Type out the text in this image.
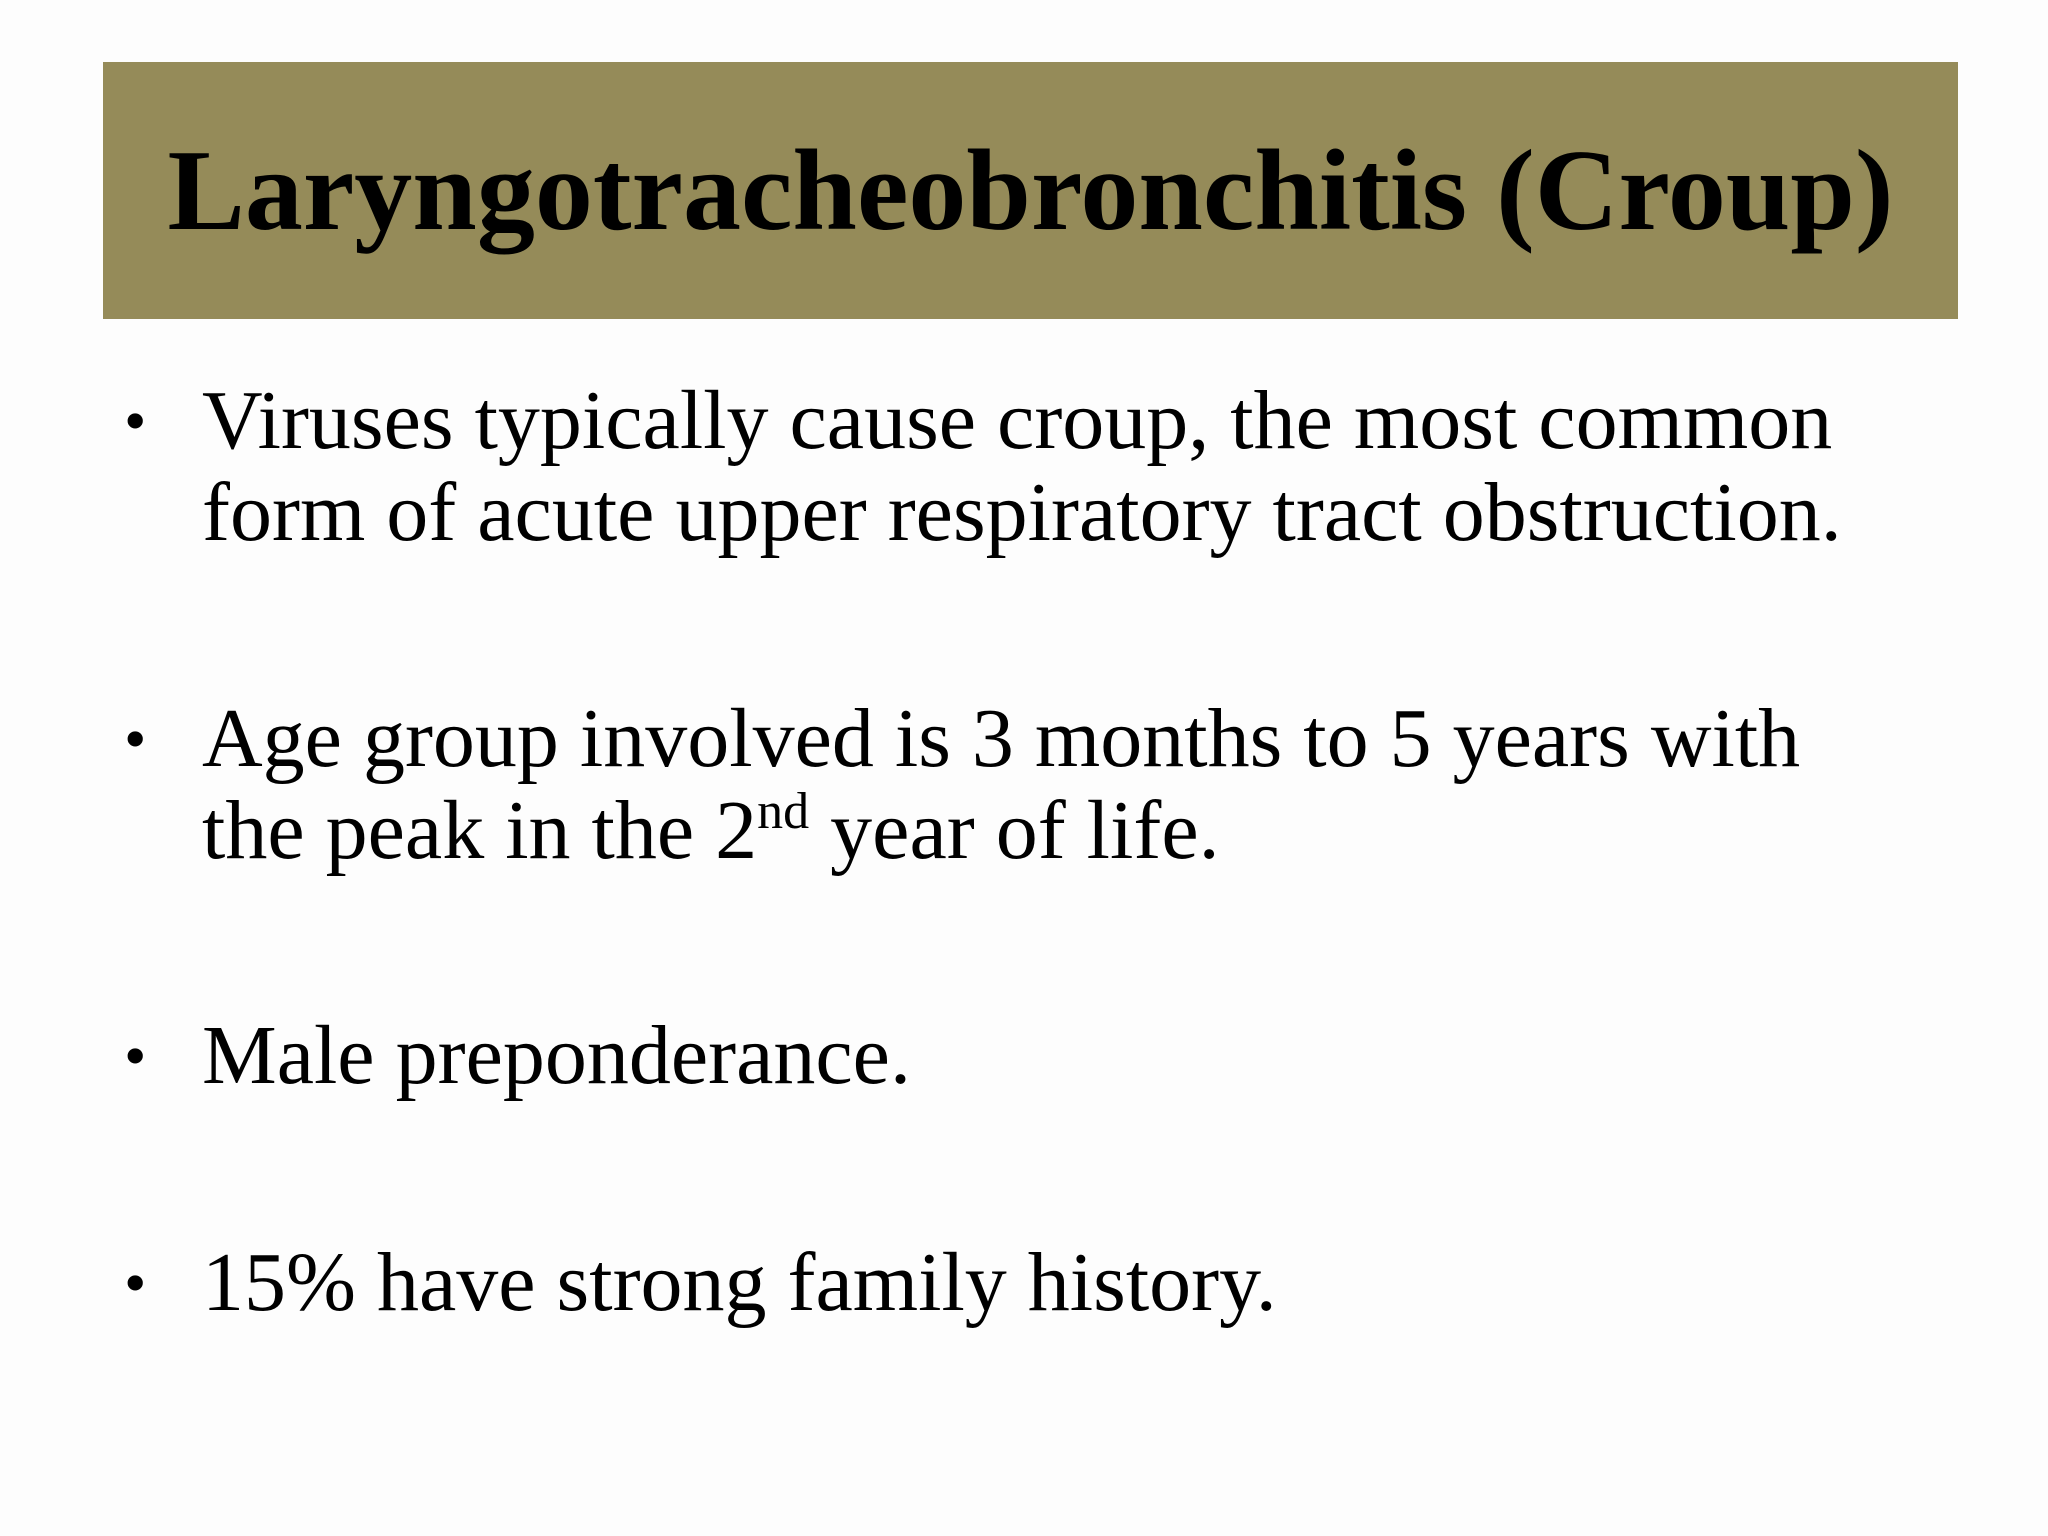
Laryngotracheobronchitis (Croup)
• Viruses typically cause croup, the most common
form of acute upper respiratory tract obstruction.
• Age group involved is 3 months to 5 years with
the peak in the 2nd year of life.
• Male preponderance.
• 15% have strong family history.
